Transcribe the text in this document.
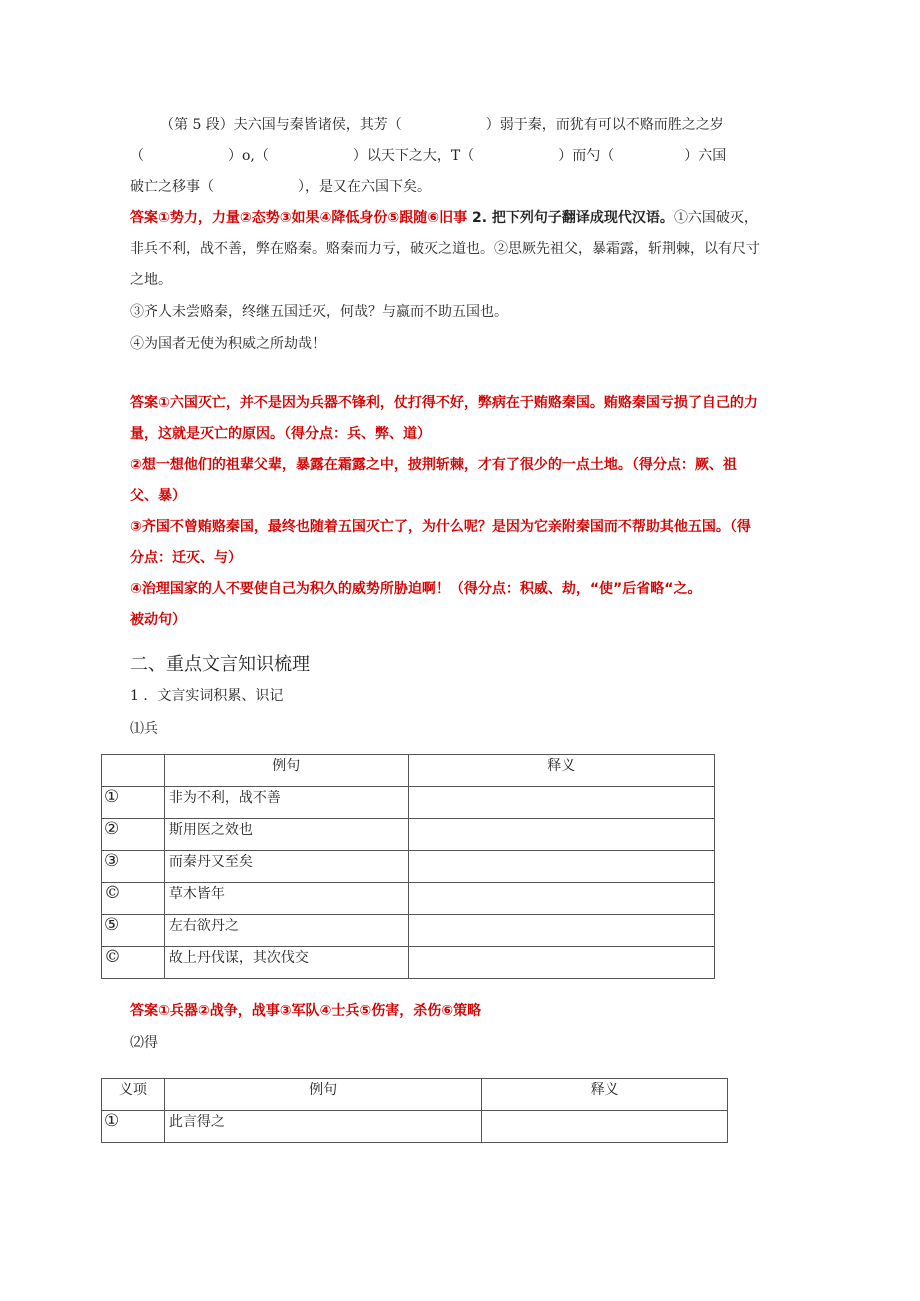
（第 5 段）夫六国与秦皆诸侯，其芳（　　　　　　）弱于秦，而犹有可以不赂而胜之之岁
（　　　　　　）o,（　　　　　　）以天下之大，T（　　　　　　）而勺（　　　　　）六国
破亡之移事（　　　　　　），是又在六国下矣。
答案①势力，力量②态势③如果④降低身份⑤跟随⑥旧事 2. 把下列句子翻译成现代汉语。①六国破灭，
非兵不利，战不善，弊在赂秦。赂秦而力亏，破灭之道也。②思厥先祖父，暴霜露，斩荆棘，以有尺寸
之地。
③齐人未尝赂秦，终继五国迁灭，何哉？与嬴而不助五国也。
④为国者无使为积威之所劫哉！
答案①六国灭亡，并不是因为兵器不锋利，仗打得不好，弊病在于贿赂秦国。贿赂秦国亏损了自己的力
量，这就是灭亡的原因。（得分点：兵、弊、道）
②想一想他们的祖辈父辈，暴露在霜露之中，披荆斩棘，才有了很少的一点土地。（得分点：厥、祖
父、暴）
③齐国不曾贿赂秦国，最终也随着五国灭亡了，为什么呢？是因为它亲附秦国而不帮助其他五国。（得
分点：迁灭、与）
④治理国家的人不要使自己为积久的威势所胁迫啊！（得分点：积威、劫，“使”后省略“之。
被动句）
二、重点文言知识梳理
1 ．文言实词积累、识记
⑴兵
	例句	释义
①	非为不利，战不善	
②	斯用医之效也	
③	而秦丹又至矣	
©	草木皆年	
⑤	左右欲丹之	
©	故上丹伐谋，其次伐交	
答案①兵器②战争，战事③军队④士兵⑤伤害，杀伤⑥策略
⑵得
义项	例句	释义
①	此言得之	
